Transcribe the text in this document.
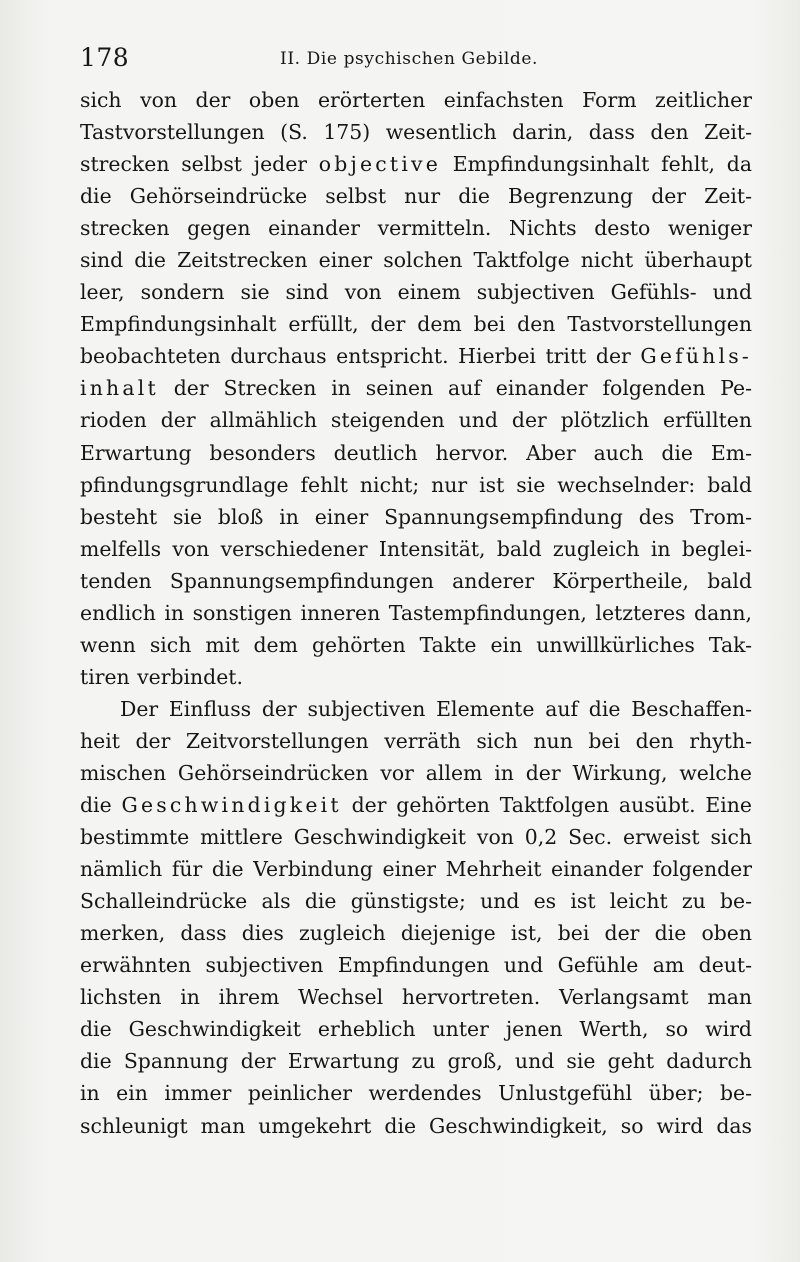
178	II. Die psychischen Gebilde.
sich von der oben erörterten einfachsten Form zeitlicher
Tastvorstellungen (S. 175) wesentlich darin, dass den Zeit-
strecken selbst jeder objective Empfindungsinhalt fehlt, da
die Gehörseindrücke selbst nur die Begrenzung der Zeit-
strecken gegen einander vermitteln. Nichts desto weniger
sind die Zeitstrecken einer solchen Taktfolge nicht überhaupt
leer, sondern sie sind von einem subjectiven Gefühls- und
Empfindungsinhalt erfüllt, der dem bei den Tastvorstellungen
beobachteten durchaus entspricht. Hierbei tritt der Gefühls-
inhalt der Strecken in seinen auf einander folgenden Pe-
rioden der allmählich steigenden und der plötzlich erfüllten
Erwartung besonders deutlich hervor. Aber auch die Em-
pfindungsgrundlage fehlt nicht; nur ist sie wechselnder: bald
besteht sie bloß in einer Spannungsempfindung des Trom-
melfells von verschiedener Intensität, bald zugleich in beglei-
tenden Spannungsempfindungen anderer Körpertheile, bald
endlich in sonstigen inneren Tastempfindungen, letzteres dann,
wenn sich mit dem gehörten Takte ein unwillkürliches Tak-
tiren verbindet.
Der Einfluss der subjectiven Elemente auf die Beschaffen-
heit der Zeitvorstellungen verräth sich nun bei den rhyth-
mischen Gehörseindrücken vor allem in der Wirkung, welche
die Geschwindigkeit der gehörten Taktfolgen ausübt. Eine
bestimmte mittlere Geschwindigkeit von 0,2 Sec. erweist sich
nämlich für die Verbindung einer Mehrheit einander folgender
Schalleindrücke als die günstigste; und es ist leicht zu be-
merken, dass dies zugleich diejenige ist, bei der die oben
erwähnten subjectiven Empfindungen und Gefühle am deut-
lichsten in ihrem Wechsel hervortreten. Verlangsamt man
die Geschwindigkeit erheblich unter jenen Werth, so wird
die Spannung der Erwartung zu groß, und sie geht dadurch
in ein immer peinlicher werdendes Unlustgefühl über; be-
schleunigt man umgekehrt die Geschwindigkeit, so wird das
